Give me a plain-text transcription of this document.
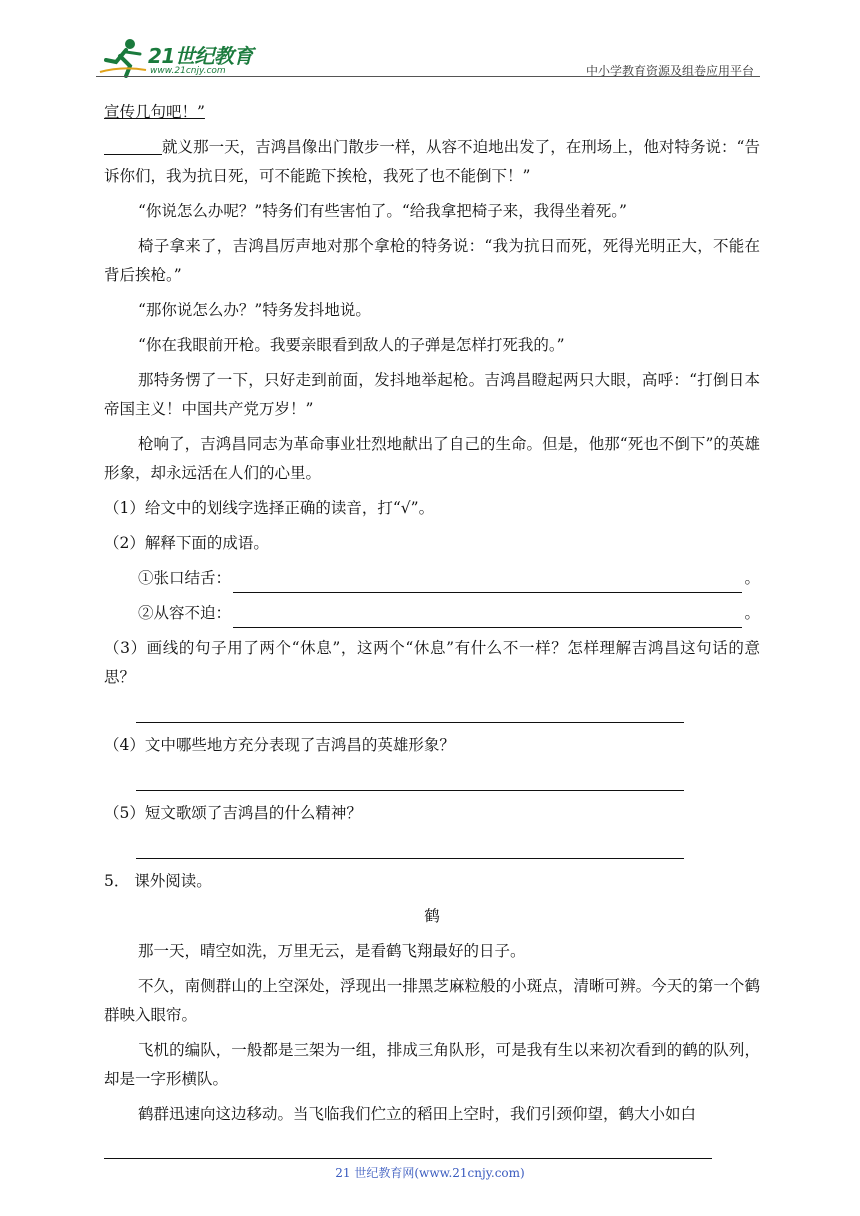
21世纪教育
www.21cnjy.com	中小学教育资源及组卷应用平台

宣传几句吧！”

就义那一天，吉鸿昌像出门散步一样，从容不迫地出发了，在刑场上，他对特务说：“告诉你们，我为抗日死，可不能跪下挨枪，我死了也不能倒下！”

“你说怎么办呢？”特务们有些害怕了。“给我拿把椅子来，我得坐着死。”

椅子拿来了，吉鸿昌厉声地对那个拿枪的特务说：“我为抗日而死，死得光明正大，不能在背后挨枪。”

“那你说怎么办？”特务发抖地说。

“你在我眼前开枪。我要亲眼看到敌人的子弹是怎样打死我的。”

那特务愣了一下，只好走到前面，发抖地举起枪。吉鸿昌瞪起两只大眼，高呼：“打倒日本帝国主义！中国共产党万岁！”

枪响了，吉鸿昌同志为革命事业壮烈地献出了自己的生命。但是，他那“死也不倒下”的英雄形象，却永远活在人们的心里。

（1）给文中的划线字选择正确的读音，打“√”。

（2）解释下面的成语。

①张口结舌：	。
②从容不迫：	。

（3）画线的句子用了两个“休息”，这两个“休息”有什么不一样？怎样理解吉鸿昌这句话的意思？

（4）文中哪些地方充分表现了吉鸿昌的英雄形象？

（5）短文歌颂了吉鸿昌的什么精神？

5． 课外阅读。

鹤

那一天，晴空如洗，万里无云，是看鹤飞翔最好的日子。

不久，南侧群山的上空深处，浮现出一排黑芝麻粒般的小斑点，清晰可辨。今天的第一个鹤群映入眼帘。

飞机的编队，一般都是三架为一组，排成三角队形，可是我有生以来初次看到的鹤的队列，却是一字形横队。

鹤群迅速向这边移动。当飞临我们伫立的稻田上空时，我们引颈仰望，鹤大小如白

21 世纪教育网(www.21cnjy.com)
